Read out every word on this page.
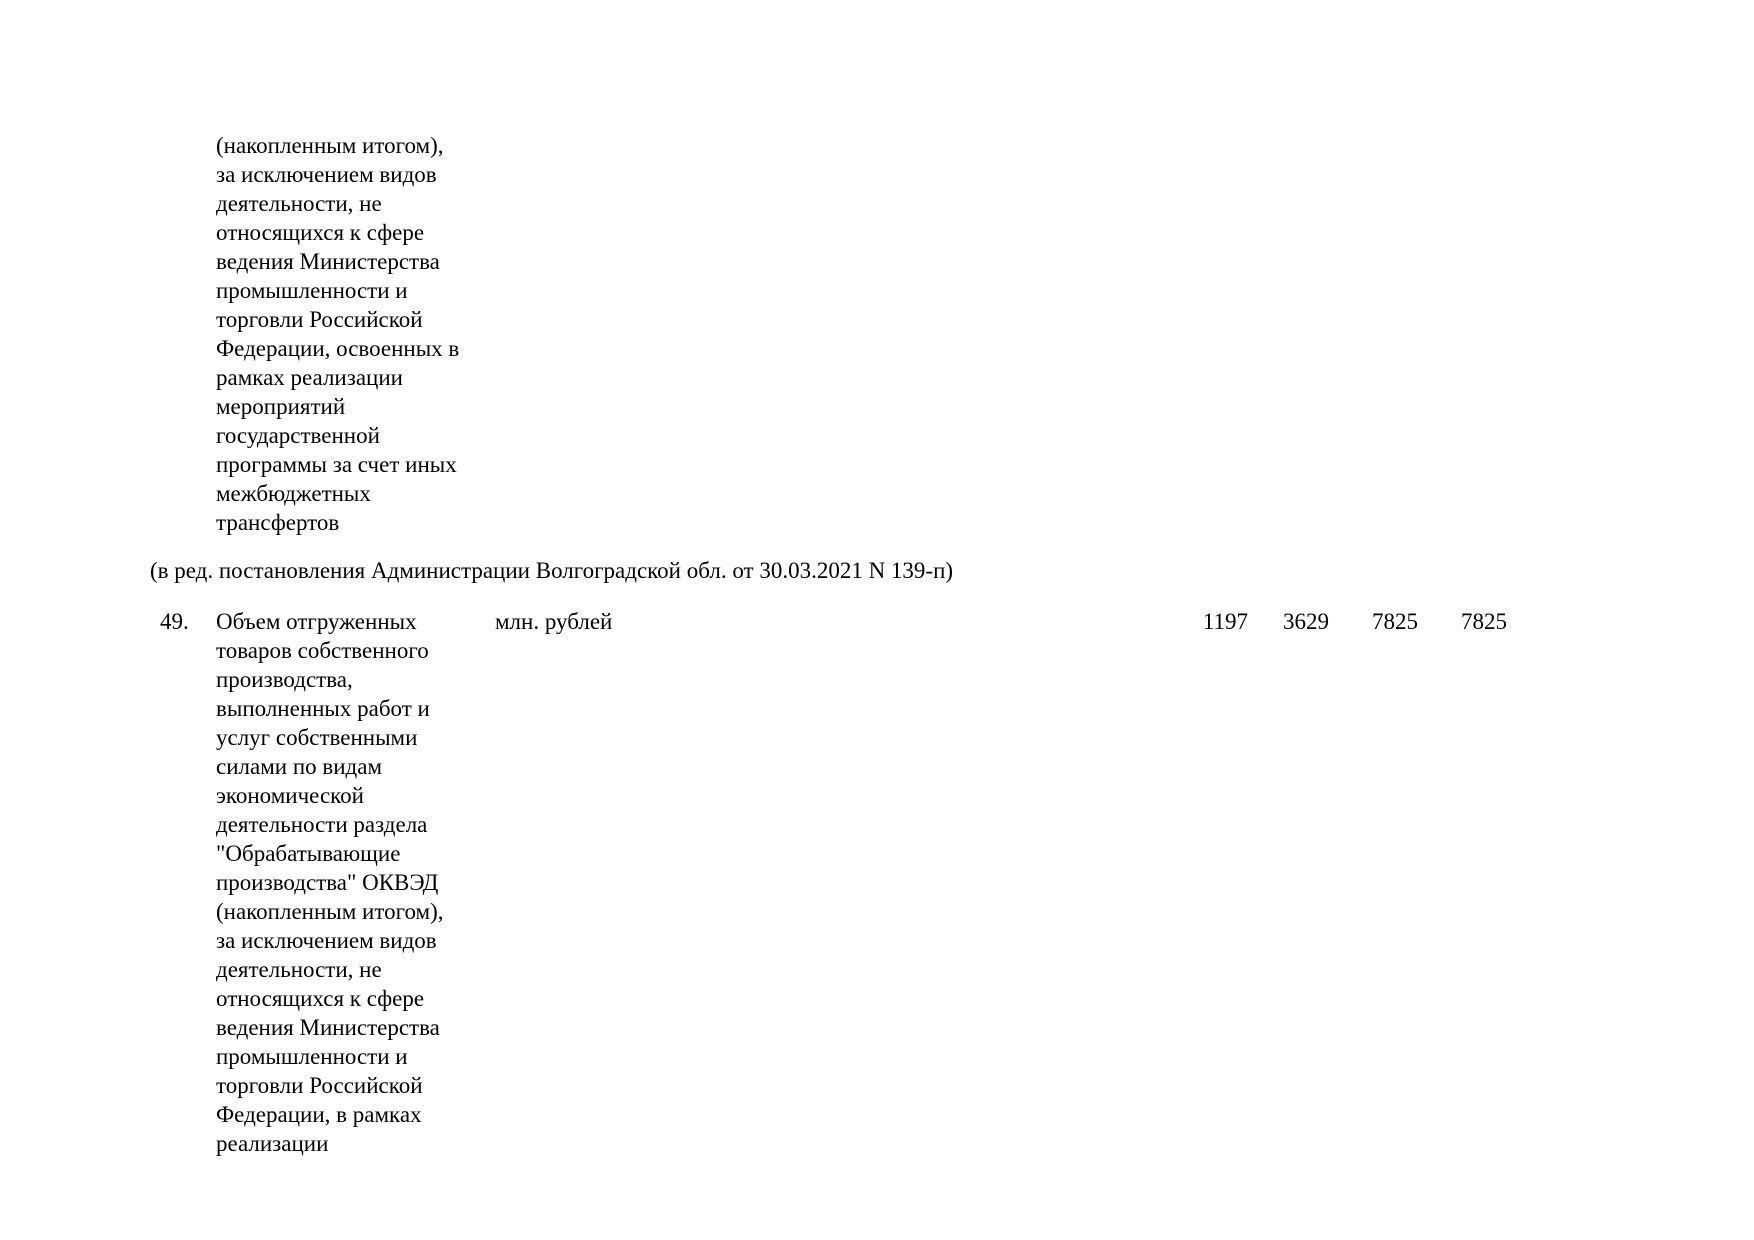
(накопленным итогом),
за исключением видов
деятельности, не
относящихся к сфере
ведения Министерства
промышленности и
торговли Российской
Федерации, освоенных в
рамках реализации
мероприятий
государственной
программы за счет иных
межбюджетных
трансфертов
(в ред. постановления Администрации Волгоградской обл. от 30.03.2021 N 139-п)
49. Объем отгруженных
товаров собственного
производства,
выполненных работ и
услуг собственными
силами по видам
экономической
деятельности раздела
"Обрабатывающие
производства" ОКВЭД
(накопленным итогом),
за исключением видов
деятельности, не
относящихся к сфере
ведения Министерства
промышленности и
торговли Российской
Федерации, в рамках
реализации
млн. рублей	1197	3629	7825	7825
